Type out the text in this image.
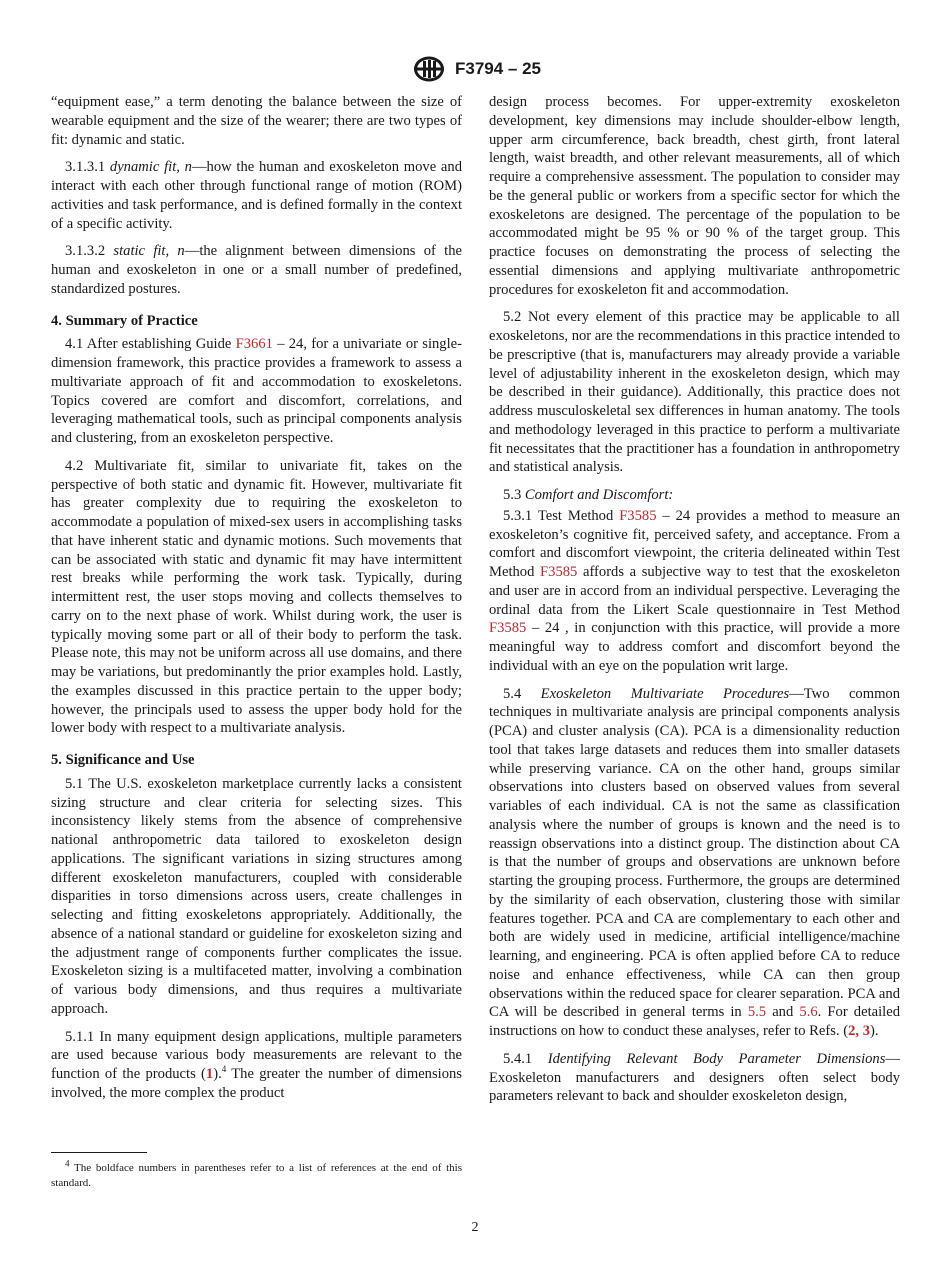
F3794 – 25

“equipment ease,” a term denoting the balance between the size of wearable equipment and the size of the wearer; there are two types of fit: dynamic and static.

3.1.3.1 dynamic fit, n—how the human and exoskeleton move and interact with each other through functional range of motion (ROM) activities and task performance, and is defined formally in the context of a specific activity.

3.1.3.2 static fit, n—the alignment between dimensions of the human and exoskeleton in one or a small number of predefined, standardized postures.

4. Summary of Practice

4.1 After establishing Guide F3661 – 24, for a univariate or single-dimension framework, this practice provides a framework to assess a multivariate approach of fit and accommodation to exoskeletons. Topics covered are comfort and discomfort, correlations, and leveraging mathematical tools, such as principal components analysis and clustering, from an exoskeleton perspective.

4.2 Multivariate fit, similar to univariate fit, takes on the perspective of both static and dynamic fit. However, multivariate fit has greater complexity due to requiring the exoskeleton to accommodate a population of mixed-sex users in accomplishing tasks that have inherent static and dynamic motions. Such movements that can be associated with static and dynamic fit may have intermittent rest breaks while performing the work task. Typically, during intermittent rest, the user stops moving and collects themselves to carry on to the next phase of work. Whilst during work, the user is typically moving some part or all of their body to perform the task. Please note, this may not be uniform across all use domains, and there may be variations, but predominantly the prior examples hold. Lastly, the examples discussed in this practice pertain to the upper body; however, the principals used to assess the upper body hold for the lower body with respect to a multivariate analysis.

5. Significance and Use

5.1 The U.S. exoskeleton marketplace currently lacks a consistent sizing structure and clear criteria for selecting sizes. This inconsistency likely stems from the absence of comprehensive national anthropometric data tailored to exoskeleton design applications. The significant variations in sizing structures among different exoskeleton manufacturers, coupled with considerable disparities in torso dimensions across users, create challenges in selecting and fitting exoskeletons appropriately. Additionally, the absence of a national standard or guideline for exoskeleton sizing and the adjustment range of components further complicates the issue. Exoskeleton sizing is a multifaceted matter, involving a combination of various body dimensions, and thus requires a multivariate approach.

5.1.1 In many equipment design applications, multiple parameters are used because various body measurements are relevant to the function of the products (1).$^4$ The greater the number of dimensions involved, the more complex the product

$^4$ The boldface numbers in parentheses refer to a list of references at the end of this standard.

design process becomes. For upper-extremity exoskeleton development, key dimensions may include shoulder-elbow length, upper arm circumference, back breadth, chest girth, front lateral length, waist breadth, and other relevant measurements, all of which require a comprehensive assessment. The population to consider may be the general public or workers from a specific sector for which the exoskeletons are designed. The percentage of the population to be accommodated might be 95 % or 90 % of the target group. This practice focuses on demonstrating the process of selecting the essential dimensions and applying multivariate anthropometric procedures for exoskeleton fit and accommodation.

5.2 Not every element of this practice may be applicable to all exoskeletons, nor are the recommendations in this practice intended to be prescriptive (that is, manufacturers may already provide a variable level of adjustability inherent in the exoskeleton design, which may be described in their guidance). Additionally, this practice does not address musculoskeletal sex differences in human anatomy. The tools and methodology leveraged in this practice to perform a multivariate fit necessitates that the practitioner has a foundation in anthropometry and statistical analysis.

5.3 Comfort and Discomfort:

5.3.1 Test Method F3585 – 24 provides a method to measure an exoskeleton’s cognitive fit, perceived safety, and acceptance. From a comfort and discomfort viewpoint, the criteria delineated within Test Method F3585 affords a subjective way to test that the exoskeleton and user are in accord from an individual perspective. Leveraging the ordinal data from the Likert Scale questionnaire in Test Method F3585 – 24 , in conjunction with this practice, will provide a more meaningful way to address comfort and discomfort beyond the individual with an eye on the population writ large.

5.4 Exoskeleton Multivariate Procedures—Two common techniques in multivariate analysis are principal components analysis (PCA) and cluster analysis (CA). PCA is a dimensionality reduction tool that takes large datasets and reduces them into smaller datasets while preserving variance. CA on the other hand, groups similar observations into clusters based on observed values from several variables of each individual. CA is not the same as classification analysis where the number of groups is known and the need is to reassign observations into a distinct group. The distinction about CA is that the number of groups and observations are unknown before starting the grouping process. Furthermore, the groups are determined by the similarity of each observation, clustering those with similar features together. PCA and CA are complementary to each other and both are widely used in medicine, artificial intelligence/machine learning, and engineering. PCA is often applied before CA to reduce noise and enhance effectiveness, while CA can then group observations within the reduced space for clearer separation. PCA and CA will be described in general terms in 5.5 and 5.6. For detailed instructions on how to conduct these analyses, refer to Refs. (2, 3).

5.4.1 Identifying Relevant Body Parameter Dimensions—Exoskeleton manufacturers and designers often select body parameters relevant to back and shoulder exoskeleton design,

2
